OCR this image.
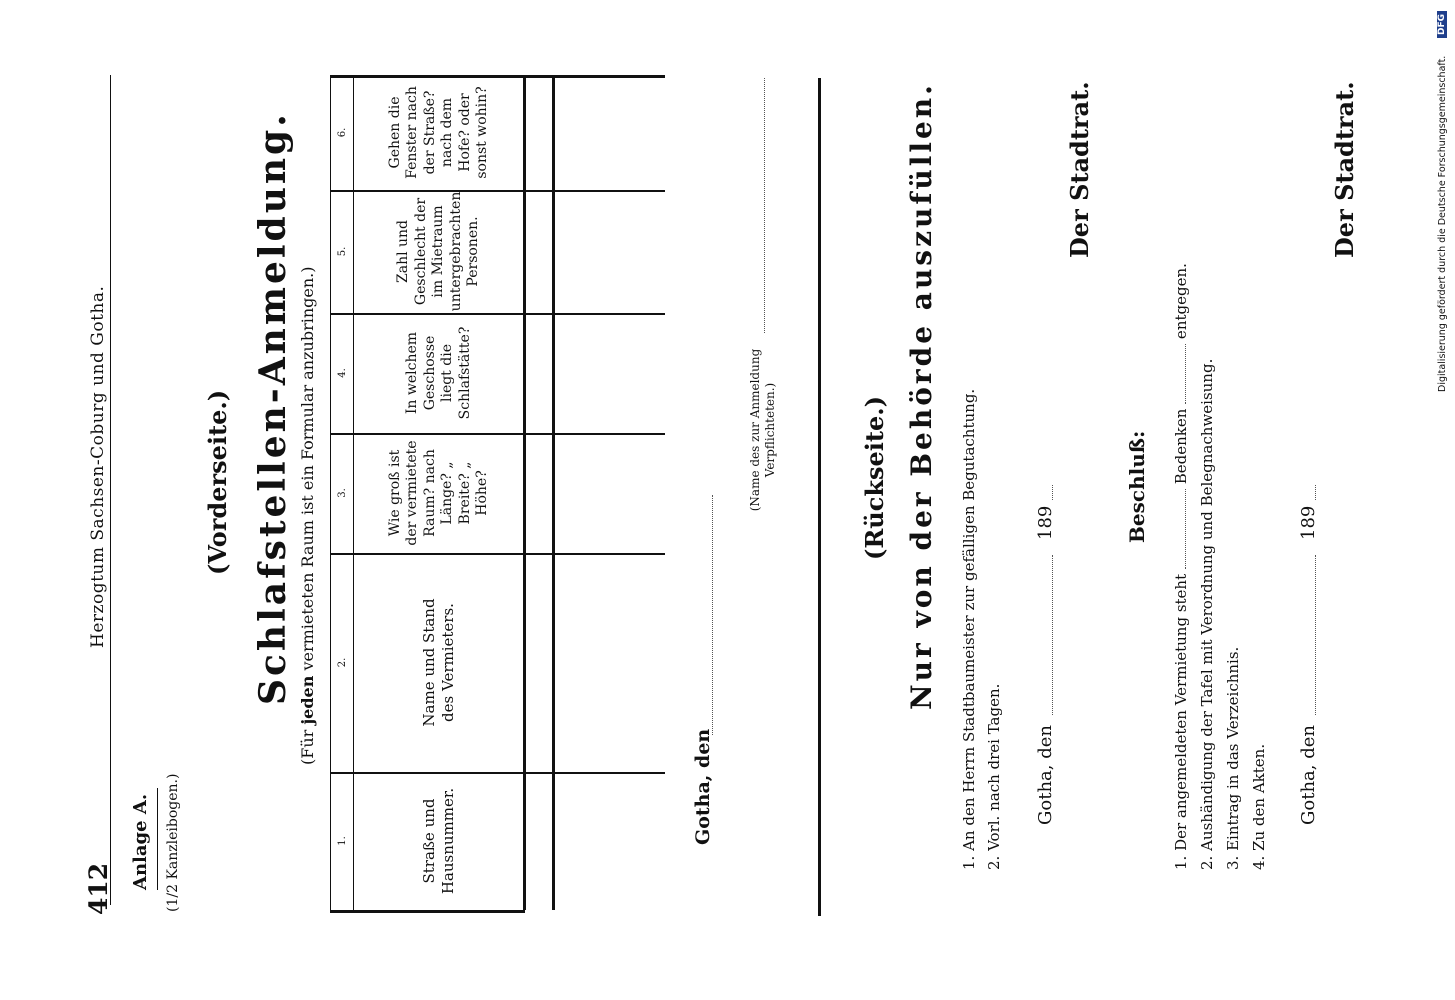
412
Herzogtum Sachsen-Coburg und Gotha.
Anlage A. (1/2 Kanzleibogen.)
(Vorderseite.) Schlafstellen-Anmeldung.
(Für jeden vermieteten Raum ist ein Formular anzubringen.)
1.
2.
3.
4.
5.
6.
Straße und Hausnummer.
Name und Stand des Vermieters.
Wie groß ist der vermietete Raum? nach Länge? „ Breite? „ Höhe?
In welchem Geschosse liegt die Schlafstätte?
Zahl und Geschlecht der im Mietraum untergebrachten Personen.
Gehen die Fenster nach der Straße? nach dem Hofe? oder sonst wohin?
Gotha, den
(Name des zur Anmeldung Verpflichteten.)	(Rückseite.) Nur von der Behörde auszufüllen. 1. An den Herrn Stadtbaumeister zur gefälligen Begutachtung. 2. Vorl. nach drei Tagen. Gotha, den
189
Der Stadtrat.
Beschluß:
1. Der angemeldeten Vermietung steht  Bedenken  entgegen.
2. Aushändigung der Tafel mit Verordnung und Belegnachweisung. 3. Eintrag in das Verzeichnis. 4. Zu den Akten. Gotha, den
189
Der Stadtrat.	Digitalisierung gefördert durch die Deutsche Forschungsgemeinschaft.
DFG
